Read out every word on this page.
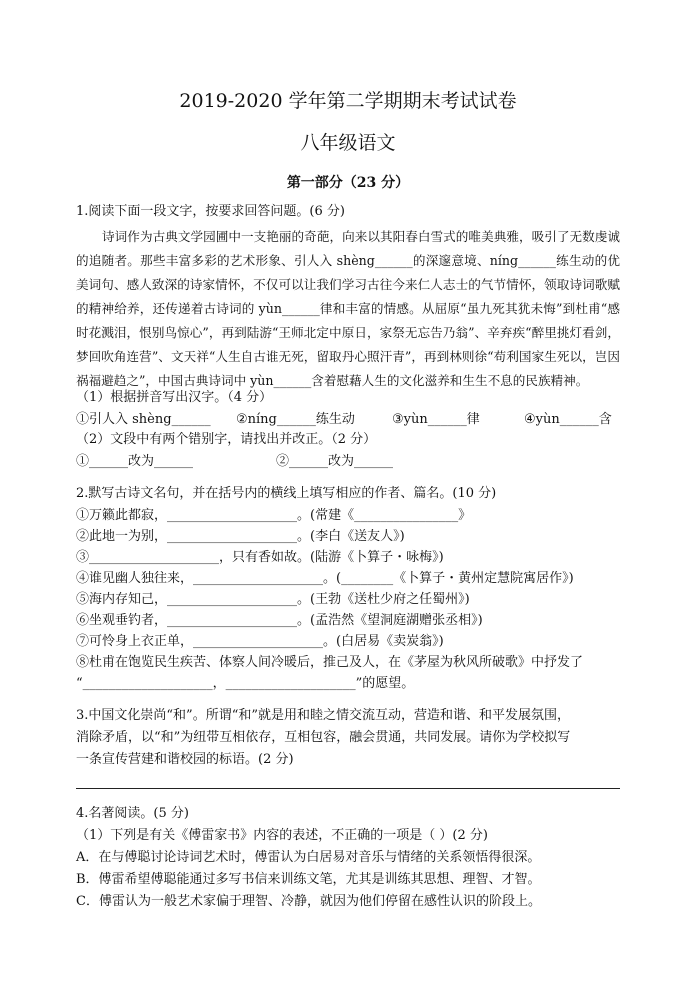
2019-2020 学年第二学期期末考试试卷
八年级语文
第一部分（23 分）
1.阅读下面一段文字，按要求回答问题。(6 分)
诗词作为古典文学园圃中一支艳丽的奇葩，向来以其阳春白雪式的唯美典雅，吸引了无数虔诚的追随者。那些丰富多彩的艺术形象、引人入 shèng______的深邃意境、níng______练生动的优美词句、感人致深的诗家情怀，不仅可以让我们学习古往今来仁人志士的气节情怀，领取诗词歌赋的精神给养，还传递着古诗词的 yùn______律和丰富的情感。从屈原“虽九死其犹未悔”到杜甫“感时花溅泪，恨别鸟惊心”，再到陆游“王师北定中原日，家祭无忘告乃翁”、辛弃疾“醉里挑灯看剑，梦回吹角连营”、文天祥“人生自古谁无死，留取丹心照汗青”，再到林则徐“苟利国家生死以，岂因祸福避趋之”，中国古典诗词中 yùn______含着慰藉人生的文化滋养和生生不息的民族精神。
（1）根据拼音写出汉字。（4 分）
①引人入 shèng______ ②níng______练生动	③yùn______律	④yùn______含
（2）文段中有两个错别字，请找出并改正。（2 分）
①______改为______	②______改为______
2.默写古诗文名句，并在括号内的横线上填写相应的作者、篇名。(10 分)
①万籁此都寂，____________________。(常建《________________》
②此地一为别，____________________。(李白《送友人》)
③____________________，只有香如故。(陆游《卜算子・咏梅》)
④谁见幽人独往来，____________________。(________《卜算子・黄州定慧院寓居作》)
⑤海内存知己，____________________。(王勃《送杜少府之任蜀州》)
⑥坐观垂钓者，____________________。(孟浩然《望洞庭湖赠张丞相》)
⑦可怜身上衣正单，____________________。(白居易《卖炭翁》)
⑧杜甫在饱览民生疾苦、体察人间冷暖后，推己及人，在《茅屋为秋风所破歌》中抒发了
“____________________，____________________”的愿望。
3.中国文化崇尚“和”。所谓“和”就是用和睦之情交流互动，营造和谐、和平发展氛围，
消除矛盾，以“和”为纽带互相依存，互相包容，融会贯通，共同发展。请你为学校拟写
一条宣传营建和谐校园的标语。(2 分)
4.名著阅读。(5 分)
（1）下列是有关《傅雷家书》内容的表述，不正确的一项是（ ）(2 分)
A．在与傅聪讨论诗词艺术时，傅雷认为白居易对音乐与情绪的关系领悟得很深。
B．傅雷希望傅聪能通过多写书信来训练文笔，尤其是训练其思想、理智、才智。
C．傅雷认为一般艺术家偏于理智、冷静，就因为他们停留在感性认识的阶段上。
